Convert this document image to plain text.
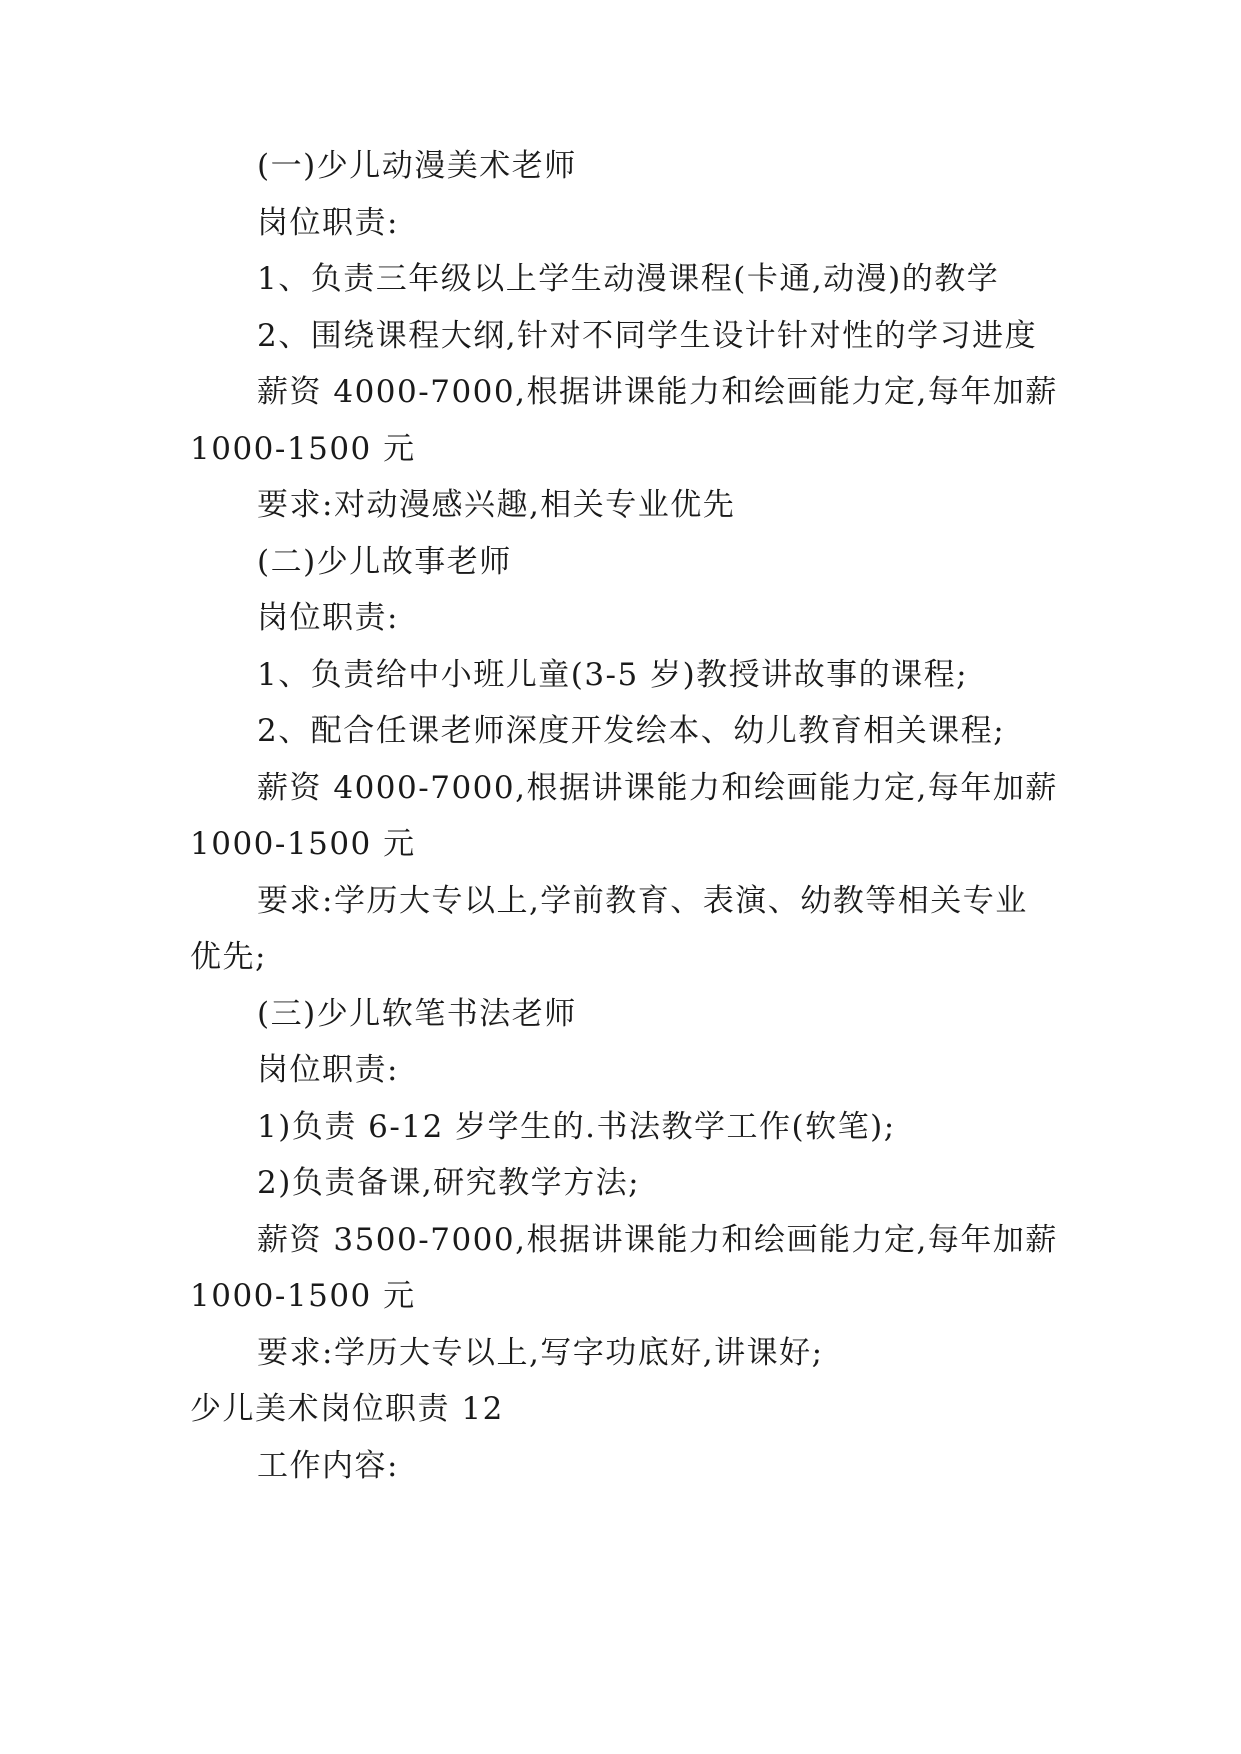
(一)少儿动漫美术老师
岗位职责:
1、负责三年级以上学生动漫课程(卡通,动漫)的教学
2、围绕课程大纲,针对不同学生设计针对性的学习进度
薪资 4000-7000,根据讲课能力和绘画能力定,每年加薪
1000-1500 元
要求:对动漫感兴趣,相关专业优先
(二)少儿故事老师
岗位职责:
1、负责给中小班儿童(3-5 岁)教授讲故事的课程;
2、配合任课老师深度开发绘本、幼儿教育相关课程;
薪资 4000-7000,根据讲课能力和绘画能力定,每年加薪
1000-1500 元
要求:学历大专以上,学前教育、表演、幼教等相关专业
优先;
(三)少儿软笔书法老师
岗位职责:
1)负责 6-12 岁学生的.书法教学工作(软笔);
2)负责备课,研究教学方法;
薪资 3500-7000,根据讲课能力和绘画能力定,每年加薪
1000-1500 元
要求:学历大专以上,写字功底好,讲课好;
少儿美术岗位职责 12
工作内容:
